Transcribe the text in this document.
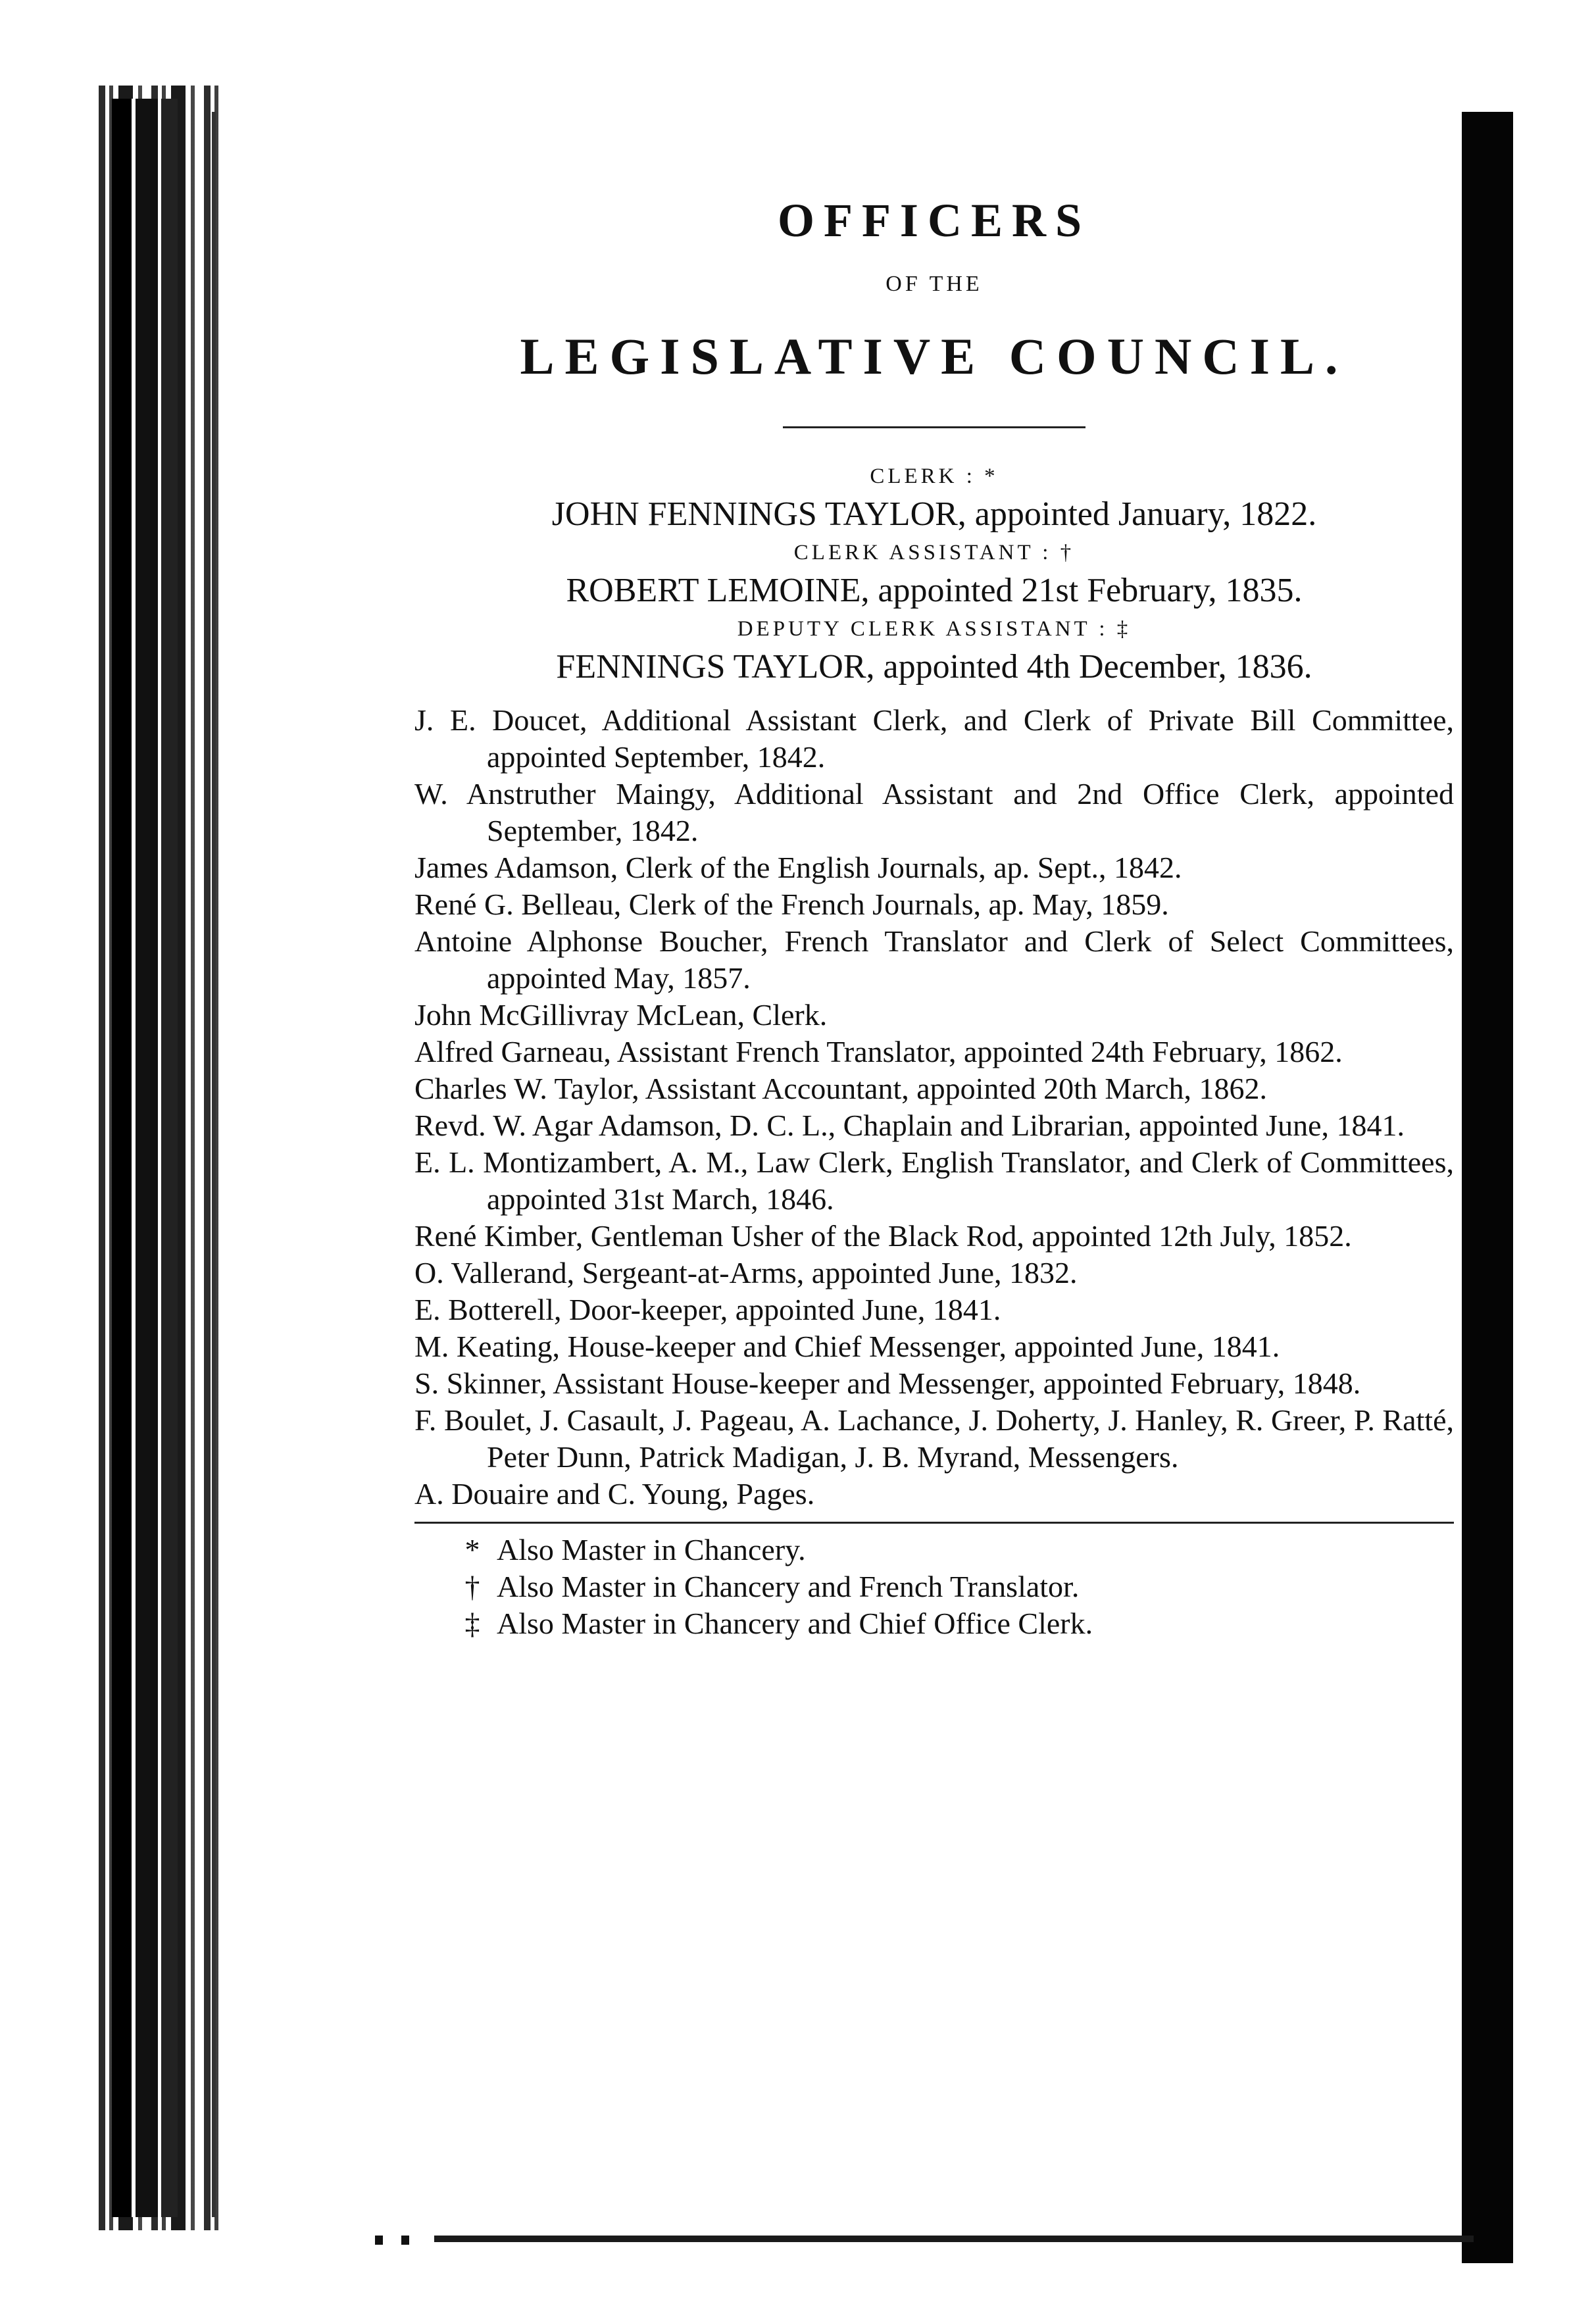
OFFICERS
OF THE
LEGISLATIVE COUNCIL.
CLERK : *
JOHN FENNINGS TAYLOR, appointed January, 1822.
CLERK ASSISTANT : †
ROBERT LEMOINE, appointed 21st February, 1835.
DEPUTY CLERK ASSISTANT : ‡
FENNINGS TAYLOR, appointed 4th December, 1836.
J. E. Doucet, Additional Assistant Clerk, and Clerk of Private Bill Committee, appointed September, 1842.
W. Anstruther Maingy, Additional Assistant and 2nd Office Clerk, appointed September, 1842.
James Adamson, Clerk of the English Journals, ap. Sept., 1842.
René G. Belleau, Clerk of the French Journals, ap. May, 1859.
Antoine Alphonse Boucher, French Translator and Clerk of Select Committees, appointed May, 1857.
John McGillivray McLean, Clerk.
Alfred Garneau, Assistant French Translator, appointed 24th February, 1862.
Charles W. Taylor, Assistant Accountant, appointed 20th March, 1862.
Revd. W. Agar Adamson, D. C. L., Chaplain and Librarian, appointed June, 1841.
E. L. Montizambert, A. M., Law Clerk, English Translator, and Clerk of Committees, appointed 31st March, 1846.
René Kimber, Gentleman Usher of the Black Rod, appointed 12th July, 1852.
O. Vallerand, Sergeant-at-Arms, appointed June, 1832.
E. Botterell, Door-keeper, appointed June, 1841.
M. Keating, House-keeper and Chief Messenger, appointed June, 1841.
S. Skinner, Assistant House-keeper and Messenger, appointed February, 1848.
F. Boulet, J. Casault, J. Pageau, A. Lachance, J. Doherty, J. Hanley, R. Greer, P. Ratté, Peter Dunn, Patrick Madigan, J. B. Myrand, Messengers.
A. Douaire and C. Young, Pages.
* Also Master in Chancery.
† Also Master in Chancery and French Translator.
‡ Also Master in Chancery and Chief Office Clerk.
